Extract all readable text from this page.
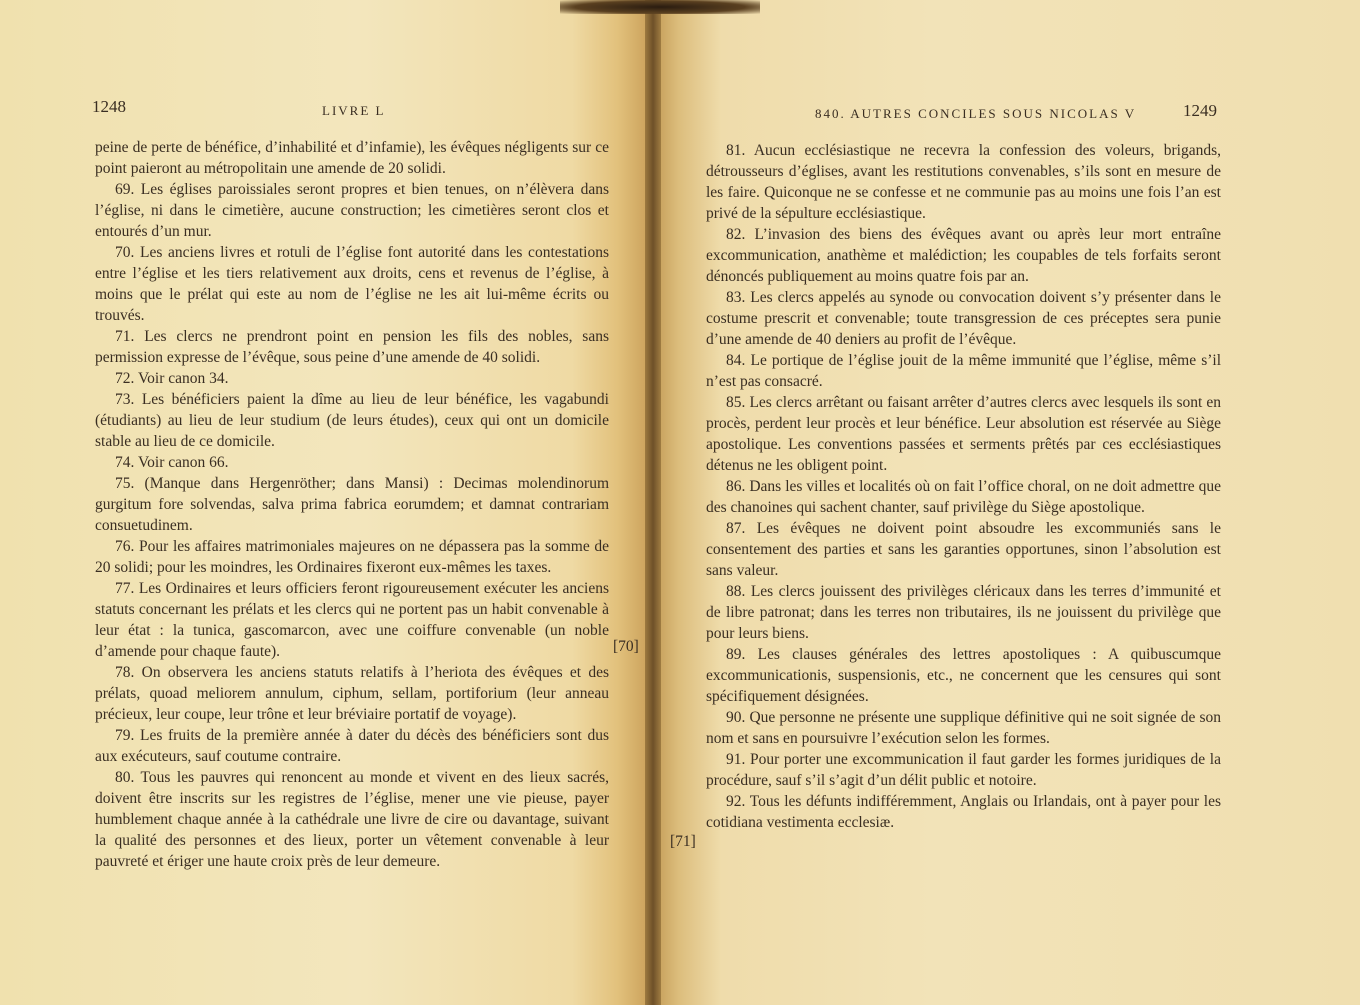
1248	LIVRE L

peine de perte de bénéfice, d’inhabilité et d’infamie), les évêques négligents sur ce point paieront au métropolitain une amende de 20 solidi.

69. Les églises paroissiales seront propres et bien tenues, on n’élèvera dans l’église, ni dans le cimetière, aucune construction; les cimetières seront clos et entourés d’un mur.

70. Les anciens livres et rotuli de l’église font autorité dans les contestations entre l’église et les tiers relativement aux droits, cens et revenus de l’église, à moins que le prélat qui este au nom de l’église ne les ait lui-même écrits ou trouvés.

71. Les clercs ne prendront point en pension les fils des nobles, sans permission expresse de l’évêque, sous peine d’une amende de 40 solidi.

72. Voir canon 34.

73. Les bénéficiers paient la dîme au lieu de leur bénéfice, les vagabundi (étudiants) au lieu de leur studium (de leurs études), ceux qui ont un domicile stable au lieu de ce domicile.

74. Voir canon 66.

75. (Manque dans Hergenröther; dans Mansi) : Decimas molendinorum gurgitum fore solvendas, salva prima fabrica eorumdem; et damnat contrariam consuetudinem.

76. Pour les affaires matrimoniales majeures on ne dépassera pas la somme de 20 solidi; pour les moindres, les Ordinaires fixeront eux-mêmes les taxes.

77. Les Ordinaires et leurs officiers feront rigoureusement exécuter les anciens statuts concernant les prélats et les clercs qui ne portent pas un habit convenable à leur état : la tunica, gascomarcon, avec une coiffure convenable (un noble d’amende pour chaque faute).

78. On observera les anciens statuts relatifs à l’heriota des évêques et des prélats, quoad meliorem annulum, ciphum, sellam, portiforium (leur anneau précieux, leur coupe, leur trône et leur bréviaire portatif de voyage).

79. Les fruits de la première année à dater du décès des bénéficiers sont dus aux exécuteurs, sauf coutume contraire.

80. Tous les pauvres qui renoncent au monde et vivent en des lieux sacrés, doivent être inscrits sur les registres de l’église, mener une vie pieuse, payer humblement chaque année à la cathédrale une livre de cire ou davantage, suivant la qualité des personnes et des lieux, porter un vêtement convenable à leur pauvreté et ériger une haute croix près de leur demeure.

[70]
840. AUTRES CONCILES SOUS NICOLAS V	1249

81. Aucun ecclésiastique ne recevra la confession des voleurs, brigands, détrousseurs d’églises, avant les restitutions convenables, s’ils sont en mesure de les faire. Quiconque ne se confesse et ne communie pas au moins une fois l’an est privé de la sépulture ecclésiastique.

82. L’invasion des biens des évêques avant ou après leur mort entraîne excommunication, anathème et malédiction; les coupables de tels forfaits seront dénoncés publiquement au moins quatre fois par an.

83. Les clercs appelés au synode ou convocation doivent s’y présenter dans le costume prescrit et convenable; toute transgression de ces préceptes sera punie d’une amende de 40 deniers au profit de l’évêque.

84. Le portique de l’église jouit de la même immunité que l’église, même s’il n’est pas consacré.

85. Les clercs arrêtant ou faisant arrêter d’autres clercs avec lesquels ils sont en procès, perdent leur procès et leur bénéfice. Leur absolution est réservée au Siège apostolique. Les conventions passées et serments prêtés par ces ecclésiastiques détenus ne les obligent point.

86. Dans les villes et localités où on fait l’office choral, on ne doit admettre que des chanoines qui sachent chanter, sauf privilège du Siège apostolique.

87. Les évêques ne doivent point absoudre les excommuniés sans le consentement des parties et sans les garanties opportunes, sinon l’absolution est sans valeur.

88. Les clercs jouissent des privilèges cléricaux dans les terres d’immunité et de libre patronat; dans les terres non tributaires, ils ne jouissent du privilège que pour leurs biens.

89. Les clauses générales des lettres apostoliques : A quibuscumque excommunicationis, suspensionis, etc., ne concernent que les censures qui sont spécifiquement désignées.

90. Que personne ne présente une supplique définitive qui ne soit signée de son nom et sans en poursuivre l’exécution selon les formes.

91. Pour porter une excommunication il faut garder les formes juridiques de la procédure, sauf s’il s’agit d’un délit public et notoire.

92. Tous les défunts indifféremment, Anglais ou Irlandais, ont à payer pour les cotidiana vestimenta ecclesiæ.

[71]
